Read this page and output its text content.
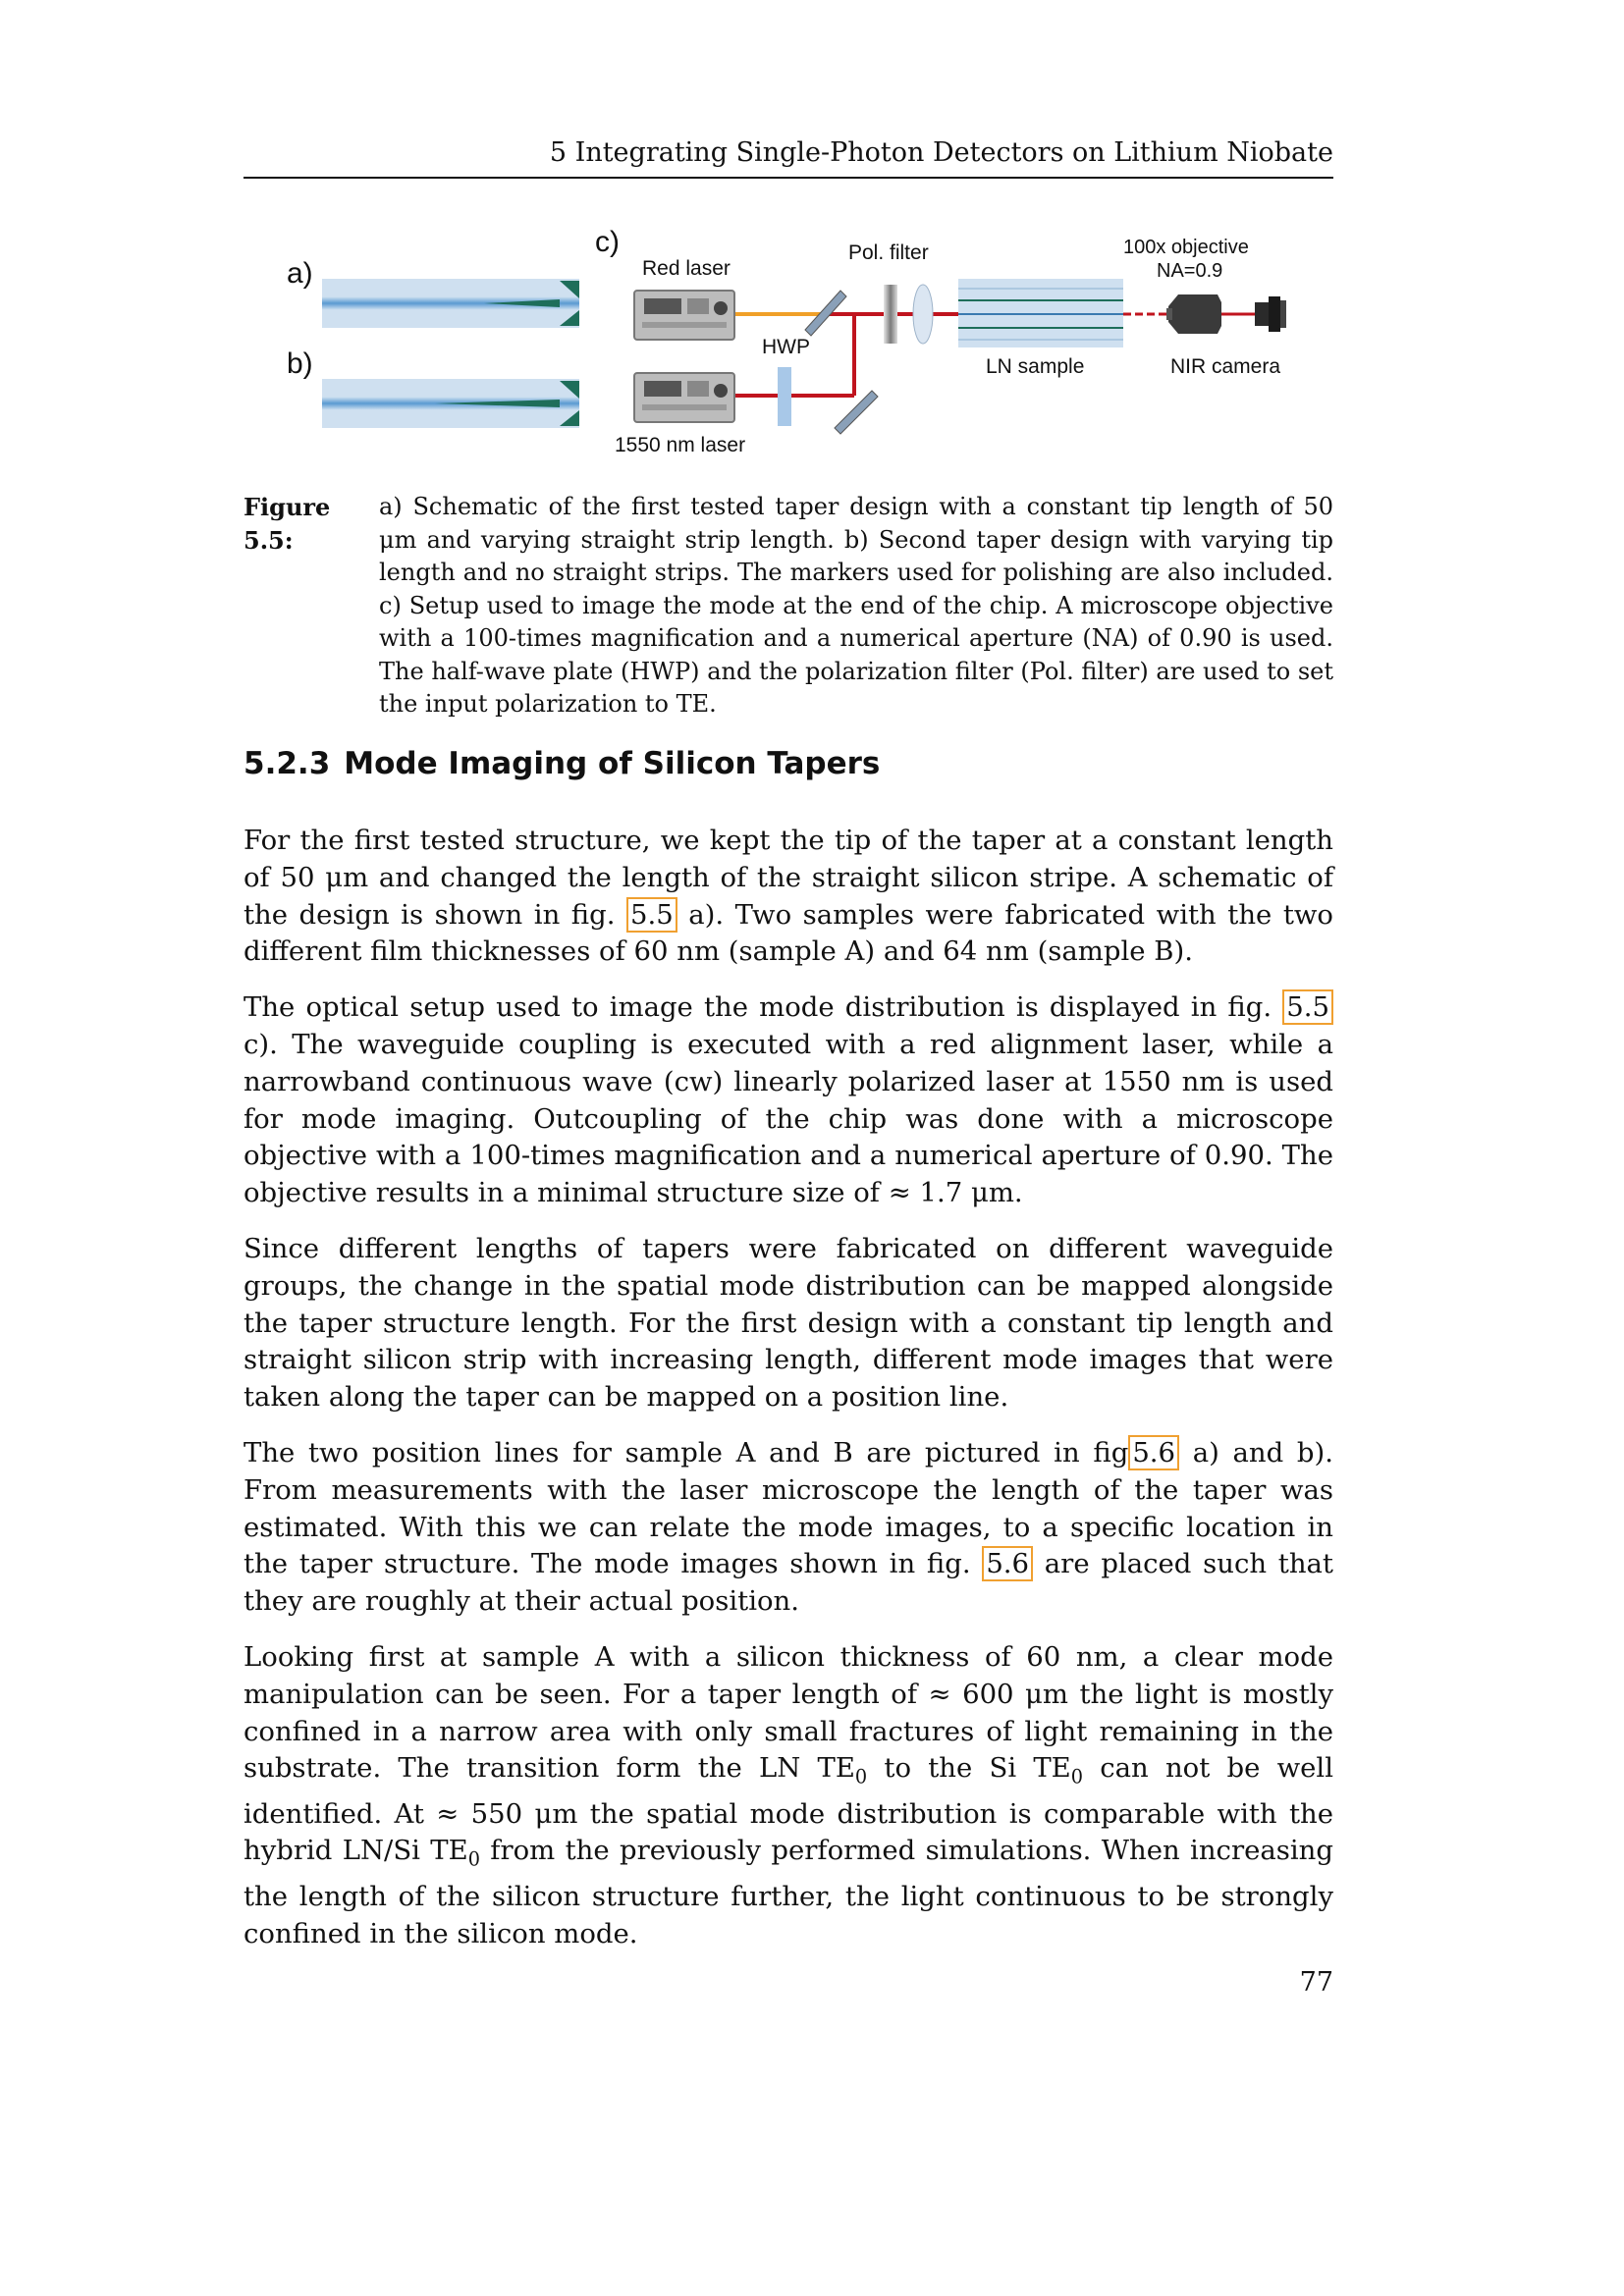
5 Integrating Single-Photon Detectors on Lithium Niobate
a)
b)
c)
Red laser
1550 nm laser
HWP
Pol. filter
LN sample
100x objective
NA=0.9
NIR camera
Figure 5.5:
a) Schematic of the first tested taper design with a constant tip length of 50 μm and varying straight strip length. b) Second taper design with varying tip length and no straight strips. The markers used for polishing are also included. c) Setup used to image the mode at the end of the chip. A microscope objective with a 100-times magnification and a numerical aperture (NA) of 0.90 is used. The half-wave plate (HWP) and the polarization filter (Pol. filter) are used to set the input polarization to TE.
5.2.3 Mode Imaging of Silicon Tapers

For the first tested structure, we kept the tip of the taper at a constant length of 50 μm and changed the length of the straight silicon stripe. A schematic of the design is shown in fig. 5.5 a). Two samples were fabricated with the two different film thicknesses of 60 nm (sample A) and 64 nm (sample B).

The optical setup used to image the mode distribution is displayed in fig. 5.5 c). The waveguide coupling is executed with a red alignment laser, while a narrowband continuous wave (cw) linearly polarized laser at 1550 nm is used for mode imaging. Outcoupling of the chip was done with a microscope objective with a 100-times magnification and a numerical aperture of 0.90. The objective results in a minimal structure size of ≈ 1.7 μm.

Since different lengths of tapers were fabricated on different waveguide groups, the change in the spatial mode distribution can be mapped alongside the taper structure length. For the first design with a constant tip length and straight silicon strip with increasing length, different mode images that were taken along the taper can be mapped on a position line.

The two position lines for sample A and B are pictured in fig 5.6 a) and b). From measurements with the laser microscope the length of the taper was estimated. With this we can relate the mode images, to a specific location in the taper structure. The mode images shown in fig. 5.6 are placed such that they are roughly at their actual position.

Looking first at sample A with a silicon thickness of 60 nm, a clear mode manipulation can be seen. For a taper length of ≈ 600 μm the light is mostly confined in a narrow area with only small fractures of light remaining in the substrate. The transition form the LN $TE_0$ to the Si $TE_0$ can not be well identified. At ≈ 550 μm the spatial mode distribution is comparable with the hybrid LN/Si $TE_0$ from the previously performed simulations. When increasing the length of the silicon structure further, the light continuous to be strongly confined in the silicon mode.

77
